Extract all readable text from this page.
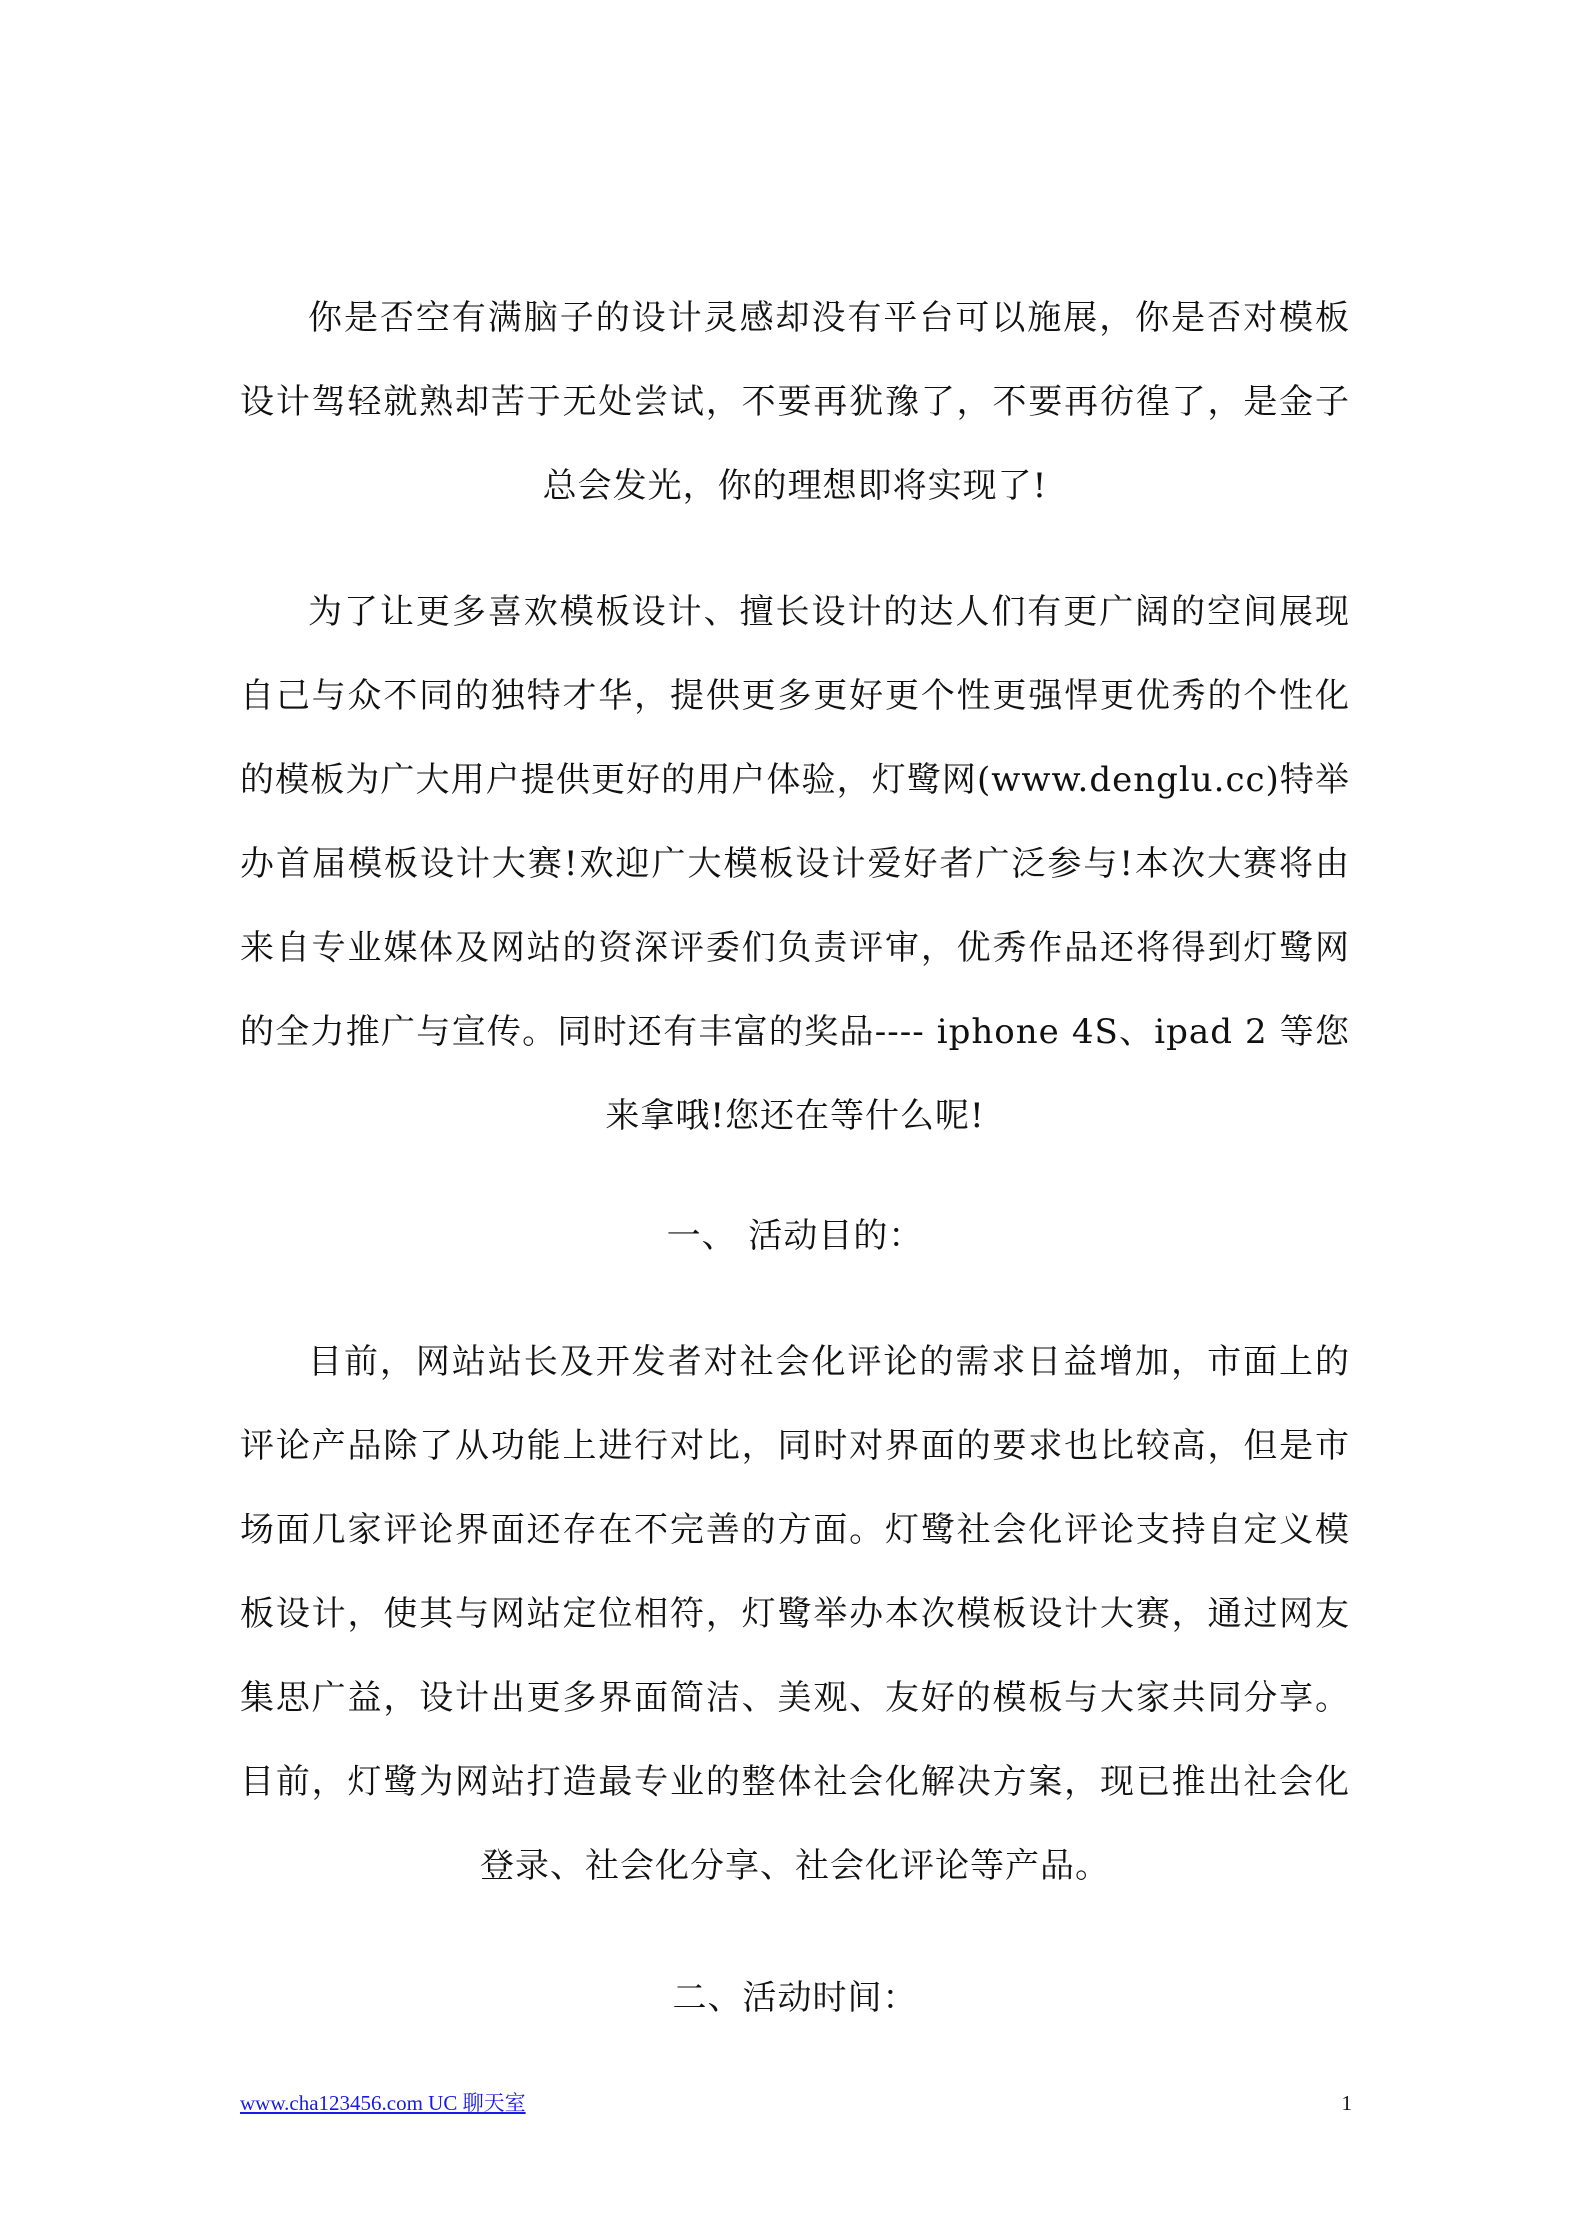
你是否空有满脑子的设计灵感却没有平台可以施展，你是否对模板设计驾轻就熟却苦于无处尝试，不要再犹豫了，不要再彷徨了，是金子总会发光，你的理想即将实现了!

为了让更多喜欢模板设计、擅长设计的达人们有更广阔的空间展现自己与众不同的独特才华，提供更多更好更个性更强悍更优秀的个性化的模板为广大用户提供更好的用户体验，灯鹭网(www.denglu.cc)特举办首届模板设计大赛!欢迎广大模板设计爱好者广泛参与!本次大赛将由来自专业媒体及网站的资深评委们负责评审，优秀作品还将得到灯鹭网的全力推广与宣传。同时还有丰富的奖品---- iphone 4S、ipad 2 等您来拿哦!您还在等什么呢!

一、 活动目的：

目前，网站站长及开发者对社会化评论的需求日益增加，市面上的评论产品除了从功能上进行对比，同时对界面的要求也比较高，但是市场面几家评论界面还存在不完善的方面。灯鹭社会化评论支持自定义模板设计，使其与网站定位相符，灯鹭举办本次模板设计大赛，通过网友集思广益，设计出更多界面简洁、美观、友好的模板与大家共同分享。目前，灯鹭为网站打造最专业的整体社会化解决方案，现已推出社会化登录、社会化分享、社会化评论等产品。

二、活动时间：

www.cha123456.com UC 聊天室	1
